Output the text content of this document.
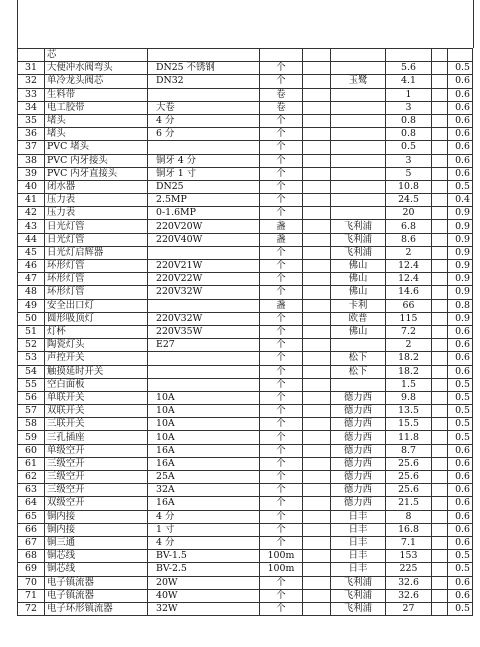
	芯							
31	大便冲水阀弯头	DN25 不锈钢	个			5.6		0.5
32	单冷龙头阀芯	DN32	个		玉鹭	4.1		0.6
33	生料带		卷			1		0.6
34	电工胶带	大卷	卷			3		0.6
35	堵头	4 分	个			0.8		0.6
36	堵头	6 分	个			0.8		0.6
37	PVC 堵头		个			0.5		0.6
38	PVC 内牙接头	铜牙 4 分	个			3		0.6
39	PVC 内牙直接头	铜牙 1 寸	个			5		0.6
40	闭水器	DN25	个			10.8		0.5
41	压力表	2.5MP	个			24.5		0.4
42	压力表	0-1.6MP	个			20		0.9
43	日光灯管	220V20W	盏		飞利浦	6.8		0.9
44	日光灯管	220V40W	盏		飞利浦	8.6		0.9
45	日光灯启辉器		个		飞利浦	2		0.9
46	环形灯管	220V21W	个		佛山	12.4		0.9
47	环形灯管	220V22W	个		佛山	12.4		0.9
48	环形灯管	220V32W	个		佛山	14.6		0.9
49	安全出口灯		盏		卡利	66		0.8
50	圆形吸顶灯	220V32W	个		欧普	115		0.9
51	灯杯	220V35W	个		佛山	7.2		0.6
52	陶瓷灯头	E27	个			2		0.6
53	声控开关		个		松下	18.2		0.6
54	触摸延时开关		个		松下	18.2		0.6
55	空白面板		个			1.5		0.5
56	单联开关	10A	个		德力西	9.8		0.5
57	双联开关	10A	个		德力西	13.5		0.5
58	三联开关	10A	个		德力西	15.5		0.5
59	三孔插座	10A	个		德力西	11.8		0.5
60	单级空开	16A	个		德力西	8.7		0.6
61	三级空开	16A	个		德力西	25.6		0.6
62	三级空开	25A	个		德力西	25.6		0.6
63	三级空开	32A	个		德力西	25.6		0.6
64	双级空开	16A	个		德力西	21.5		0.6
65	铜内接	4 分	个		日丰	8		0.6
66	铜内接	1 寸	个		日丰	16.8		0.6
67	铜三通	4 分	个		日丰	7.1		0.6
68	铜芯线	BV-1.5	100m		日丰	153		0.5
69	铜芯线	BV-2.5	100m		日丰	225		0.5
70	电子镇流器	20W	个		飞利浦	32.6		0.6
71	电子镇流器	40W	个		飞利浦	32.6		0.6
72	电子环形镇流器	32W	个		飞利浦	27		0.5
